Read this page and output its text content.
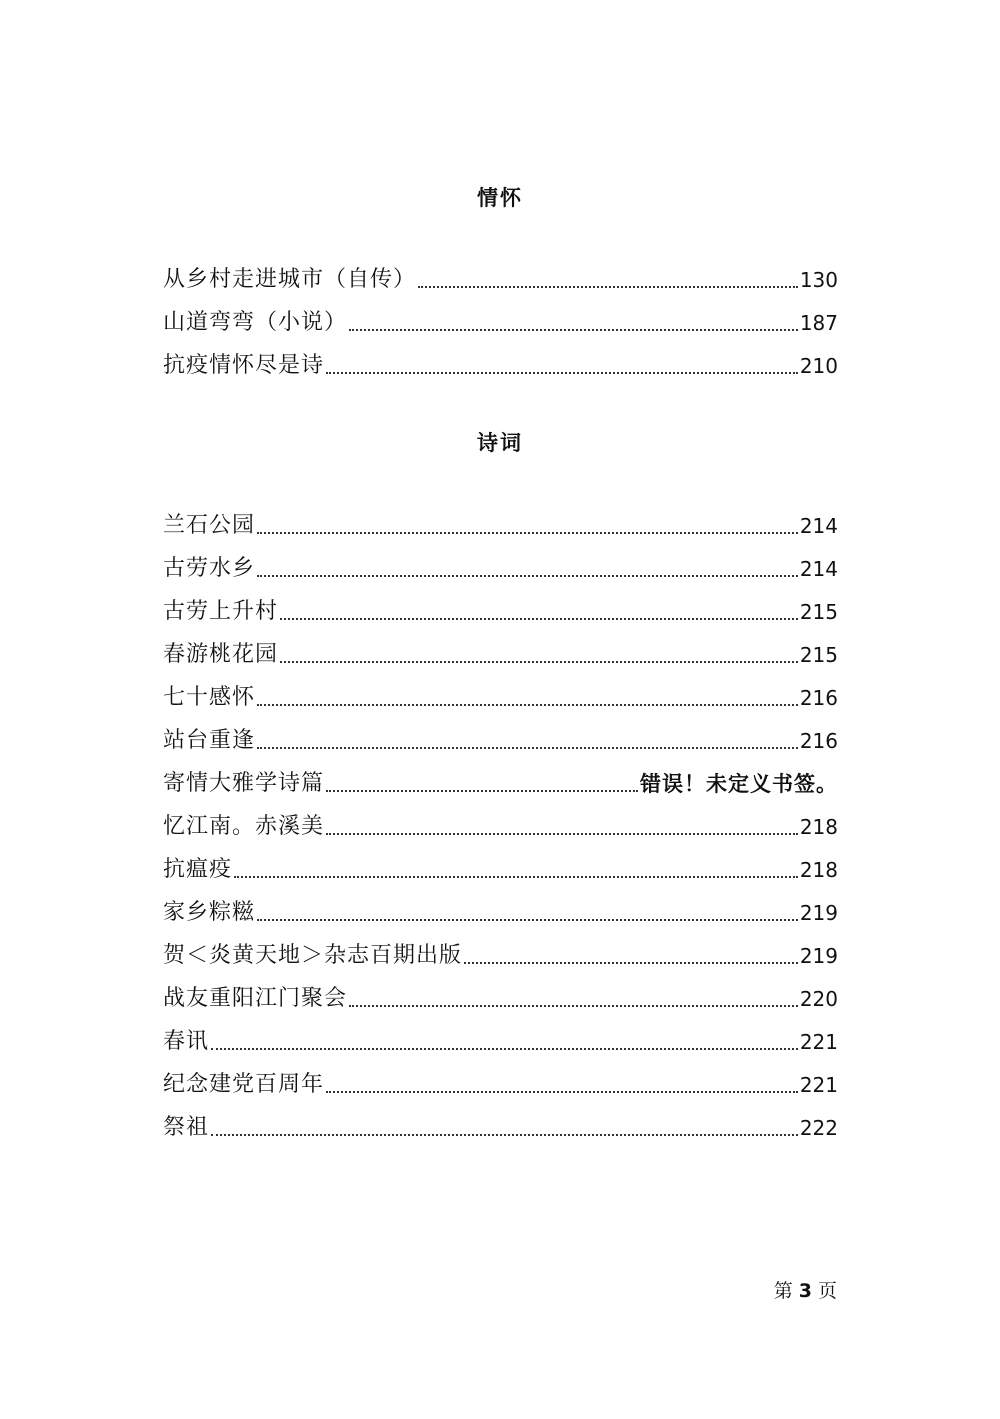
情怀
从乡村走进城市（自传）	130
山道弯弯（小说）	187
抗疫情怀尽是诗	210
诗词
兰石公园	214
古劳水乡	214
古劳上升村	215
春游桃花园	215
七十感怀	216
站台重逢	216
寄情大雅学诗篇	错误！未定义书签。
忆江南。赤溪美	218
抗瘟疫	218
家乡粽糍	219
贺＜炎黄天地＞杂志百期出版	219
战友重阳江门聚会	220
春讯	221
纪念建党百周年	221
祭祖	222
第 3 页
